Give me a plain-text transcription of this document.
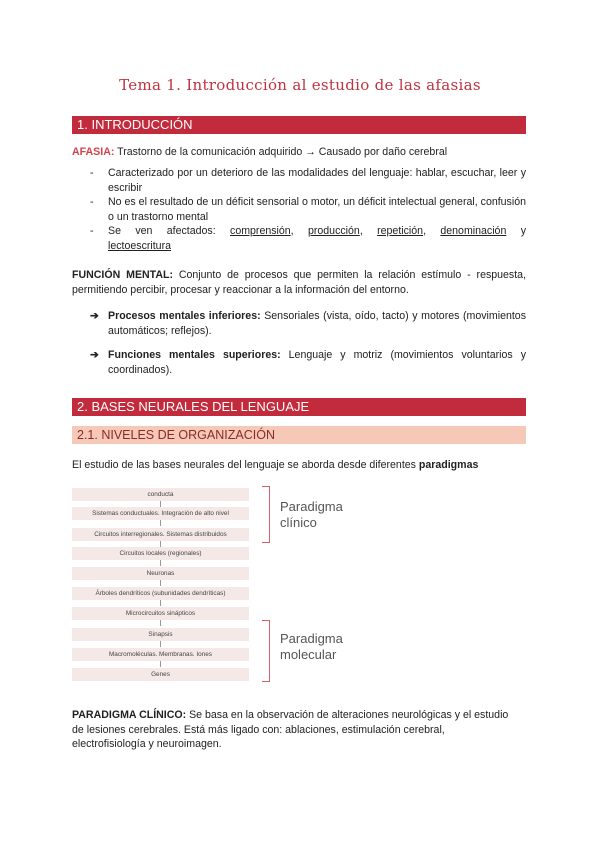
Tema 1. Introducción al estudio de las afasias
1. INTRODUCCIÓN
AFASIA: Trastorno de la comunicación adquirido → Causado por daño cerebral
- Caracterizado por un deterioro de las modalidades del lenguaje: hablar, escuchar, leer y escribir
- No es el resultado de un déficit sensorial o motor, un déficit intelectual general, confusión o un trastorno mental
- Se ven afectados: comprensión, producción, repetición, denominación y
lectoescritura
FUNCIÓN MENTAL: Conjunto de procesos que permiten la relación estímulo - respuesta, permitiendo percibir, procesar y reaccionar a la información del entorno.
➔ Procesos mentales inferiores: Sensoriales (vista, oído, tacto) y motores (movimientos automáticos; reflejos).
➔ Funciones mentales superiores: Lenguaje y motriz (movimientos voluntarios y coordinados).
2. BASES NEURALES DEL LENGUAJE
2.1. NIVELES DE ORGANIZACIÓN
El estudio de las bases neurales del lenguaje se aborda desde diferentes paradigmas
conducta
Sistemas conductuales. Integración de alto nivel
Circuitos interregionales. Sistemas distribuidos
Circuitos locales (regionales)
Neuronas
Árboles dendríticos (subunidades dendríticas)
Microcircuitos sinápticos
Sinapsis
Macromoléculas. Membranas. Iones
Genes
Paradigma
clínico
Paradigma
molecular
PARADIGMA CLÍNICO: Se basa en la observación de alteraciones neurológicas y el estudio de lesiones cerebrales. Está más ligado con: ablaciones, estimulación cerebral, electrofisiología y neuroimagen.
